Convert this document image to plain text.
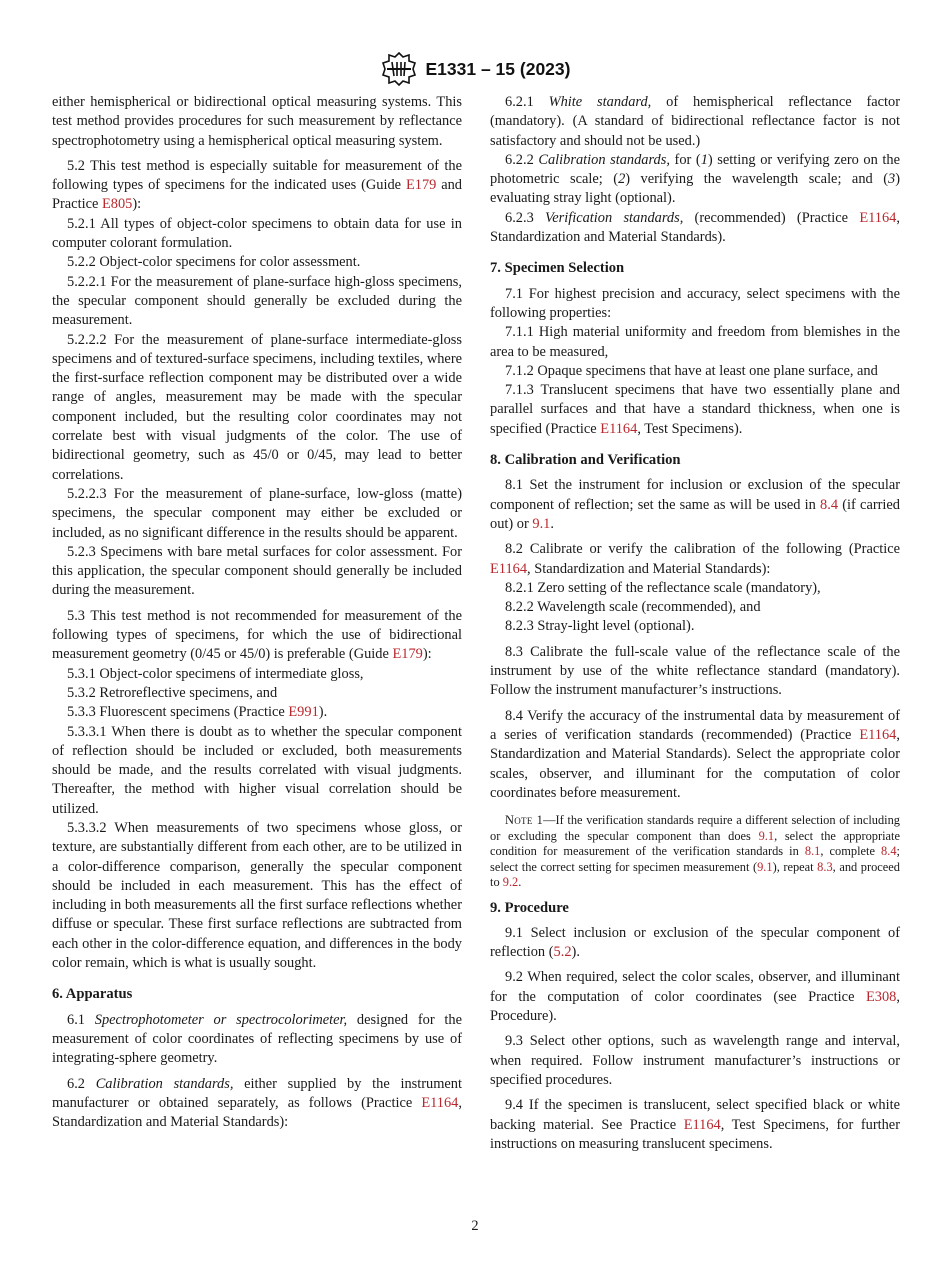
E1331 – 15 (2023)

either hemispherical or bidirectional optical measuring systems. This test method provides procedures for such measurement by reflectance spectrophotometry using a hemispherical optical measuring system.

5.2 This test method is especially suitable for measurement of the following types of specimens for the indicated uses (Guide E179 and Practice E805):

5.2.1 All types of object-color specimens to obtain data for use in computer colorant formulation.

5.2.2 Object-color specimens for color assessment.

5.2.2.1 For the measurement of plane-surface high-gloss specimens, the specular component should generally be excluded during the measurement.

5.2.2.2 For the measurement of plane-surface intermediate-gloss specimens and of textured-surface specimens, including textiles, where the first-surface reflection component may be distributed over a wide range of angles, measurement may be made with the specular component included, but the resulting color coordinates may not correlate best with visual judgments of the color. The use of bidirectional geometry, such as 45/0 or 0/45, may lead to better correlations.

5.2.2.3 For the measurement of plane-surface, low-gloss (matte) specimens, the specular component may either be excluded or included, as no significant difference in the results should be apparent.

5.2.3 Specimens with bare metal surfaces for color assessment. For this application, the specular component should generally be included during the measurement.

5.3 This test method is not recommended for measurement of the following types of specimens, for which the use of bidirectional measurement geometry (0/45 or 45/0) is preferable (Guide E179):

5.3.1 Object-color specimens of intermediate gloss,

5.3.2 Retroreflective specimens, and

5.3.3 Fluorescent specimens (Practice E991).

5.3.3.1 When there is doubt as to whether the specular component of reflection should be included or excluded, both measurements should be made, and the results correlated with visual judgments. Thereafter, the method with higher visual correlation should be utilized.

5.3.3.2 When measurements of two specimens whose gloss, or texture, are substantially different from each other, are to be utilized in a color-difference comparison, generally the specular component should be included in each measurement. This has the effect of including in both measurements all the first surface reflections whether diffuse or specular. These first surface reflections are subtracted from each other in the color-difference equation, and differences in the body color remain, which is what is usually sought.

6. Apparatus

6.1 Spectrophotometer or spectrocolorimeter, designed for the measurement of color coordinates of reflecting specimens by use of integrating-sphere geometry.

6.2 Calibration standards, either supplied by the instrument manufacturer or obtained separately, as follows (Practice E1164, Standardization and Material Standards):

6.2.1 White standard, of hemispherical reflectance factor (mandatory). (A standard of bidirectional reflectance factor is not satisfactory and should not be used.)

6.2.2 Calibration standards, for (1) setting or verifying zero on the photometric scale; (2) verifying the wavelength scale; and (3) evaluating stray light (optional).

6.2.3 Verification standards, (recommended) (Practice E1164, Standardization and Material Standards).

7. Specimen Selection

7.1 For highest precision and accuracy, select specimens with the following properties:

7.1.1 High material uniformity and freedom from blemishes in the area to be measured,

7.1.2 Opaque specimens that have at least one plane surface, and

7.1.3 Translucent specimens that have two essentially plane and parallel surfaces and that have a standard thickness, when one is specified (Practice E1164, Test Specimens).

8. Calibration and Verification

8.1 Set the instrument for inclusion or exclusion of the specular component of reflection; set the same as will be used in 8.4 (if carried out) or 9.1.

8.2 Calibrate or verify the calibration of the following (Practice E1164, Standardization and Material Standards):

8.2.1 Zero setting of the reflectance scale (mandatory),

8.2.2 Wavelength scale (recommended), and

8.2.3 Stray-light level (optional).

8.3 Calibrate the full-scale value of the reflectance scale of the instrument by use of the white reflectance standard (mandatory). Follow the instrument manufacturer’s instructions.

8.4 Verify the accuracy of the instrumental data by measurement of a series of verification standards (recommended) (Practice E1164, Standardization and Material Standards). Select the appropriate color scales, observer, and illuminant for the computation of color coordinates before measurement.

Note 1—If the verification standards require a different selection of including or excluding the specular component than does 9.1, select the appropriate condition for measurement of the verification standards in 8.1, complete 8.4; select the correct setting for specimen measurement (9.1), repeat 8.3, and proceed to 9.2.

9. Procedure

9.1 Select inclusion or exclusion of the specular component of reflection (5.2).

9.2 When required, select the color scales, observer, and illuminant for the computation of color coordinates (see Practice E308, Procedure).

9.3 Select other options, such as wavelength range and interval, when required. Follow instrument manufacturer’s instructions or specified procedures.

9.4 If the specimen is translucent, select specified black or white backing material. See Practice E1164, Test Specimens, for further instructions on measuring translucent specimens.

2
